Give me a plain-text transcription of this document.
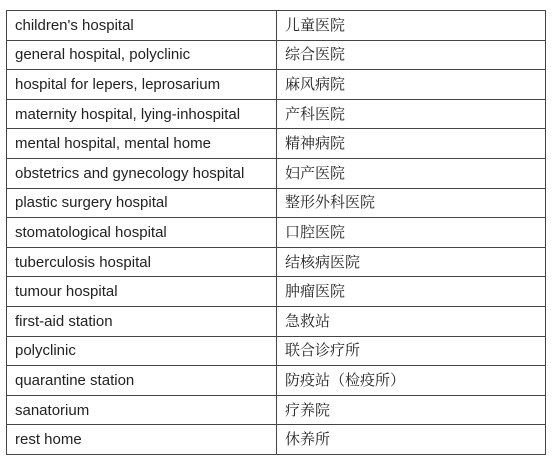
children's hospital	儿童医院
general hospital, polyclinic	综合医院
hospital for lepers, leprosarium	麻风病院
maternity hospital, lying-inhospital	产科医院
mental hospital, mental home	精神病院
obstetrics and gynecology hospital	妇产医院
plastic surgery hospital	整形外科医院
stomatological hospital	口腔医院
tuberculosis hospital	结核病医院
tumour hospital	肿瘤医院
first-aid station	急救站
polyclinic	联合诊疗所
quarantine station	防疫站（检疫所）
sanatorium	疗养院
rest home	休养所
